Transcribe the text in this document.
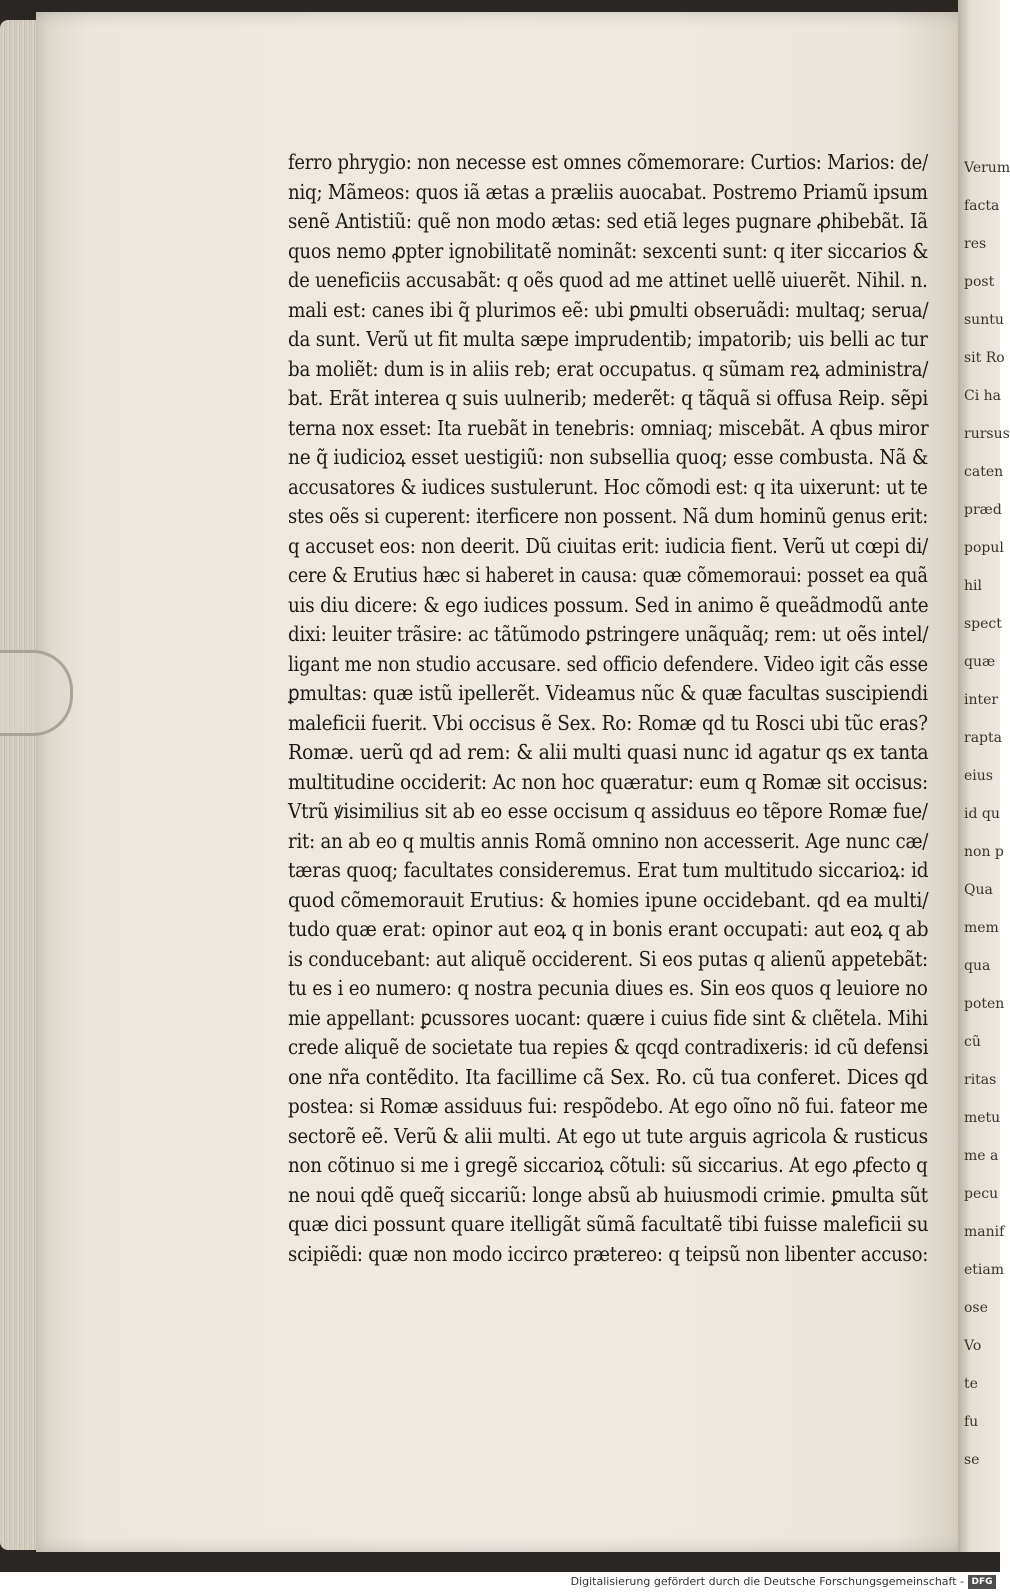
Verum
facta
res
post
suntu
sit Ro
Ci ha
rursus
caten
præd
popul
hil
spect
quæ
inter
rapta
eius
id qu
non p
Qua
mem
qua
poten
cũ
ritas
metu
me a
pecu
manif
etiam
ose
Vo
te
fu
se
ferro phrygio: non necesse est omnes cõmemorare: Curtios: Marios: de/
niq; Mãmeos: quos iã ætas a præliis auocabat. Postremo Priamũ ipsum
senẽ Antistiũ: quẽ non modo ætas: sed etiã leges pugnare ꝓhibebãt. Iã
quos nemo ꝓpter ignobilitatẽ nominãt: sexcenti sunt: q iter siccarios &
de ueneficiis accusabãt: q oẽs quod ad me attinet uellẽ uiuerẽt. Nihil. n.
mali est: canes ibi q̃ plurimos eẽ: ubi ꝑmulti obseruãdi: multaq; serua/
da sunt. Verũ ut fit multa sæpe imprudentib; impatorib; uis belli ac tur
ba moliẽt: dum is in aliis reb; erat occupatus. q sũmam reꝝ administra/
bat. Erãt interea q suis uulnerib; mederẽt: q tãquã si offusa Reip. sẽpi
terna nox esset: Ita ruebãt in tenebris: omniaq; miscebãt. A qbus miror
ne q̃ iudicioꝝ esset uestigiũ: non subsellia quoq; esse combusta. Nã &
accusatores & iudices sustulerunt. Hoc cõmodi est: q ita uixerunt: ut te
stes oẽs si cuperent: iterficere non possent. Nã dum hominũ genus erit:
q accuset eos: non deerit. Dũ ciuitas erit: iudicia fient. Verũ ut cœpi di/
cere & Erutius hæc si haberet in causa: quæ cõmemoraui: posset ea quã
uis diu dicere: & ego iudices possum. Sed in animo ẽ queãdmodũ ante
dixi: leuiter trãsire: ac tãtũmodo ꝑstringere unãquãq; rem: ut oẽs intel/
ligant me non studio accusare. sed officio defendere. Video igit cãs esse
ꝑmultas: quæ istũ ipellerẽt. Videamus nũc & quæ facultas suscipiendi
maleficii fuerit. Vbi occisus ẽ Sex. Ro: Romæ qd tu Rosci ubi tũc eras?
Romæ. uerũ qd ad rem: & alii multi quasi nunc id agatur qs ex tanta
multitudine occiderit: Ac non hoc quæratur: eum q Romæ sit occisus:
Vtrũ ꝟisimilius sit ab eo esse occisum q assiduus eo tẽpore Romæ fue/
rit: an ab eo q multis annis Romã omnino non accesserit. Age nunc cæ/
tæras quoq; facultates consideremus. Erat tum multitudo siccarioꝝ: id
quod cõmemorauit Erutius: & homies ipune occidebant. qd ea multi/
tudo quæ erat: opinor aut eoꝝ q in bonis erant occupati: aut eoꝝ q ab
is conducebant: aut aliquẽ occiderent. Si eos putas q alienũ appetebãt:
tu es i eo numero: q nostra pecunia diues es. Sin eos quos q leuiore no
mie appellant: ꝑcussores uocant: quære i cuius fide sint & clıẽtela. Mihi
crede aliquẽ de societate tua repies & qcqd contradixeris: id cũ defensi
one nr̃a contẽdito. Ita facillime cã Sex. Ro. cũ tua conferet. Dices qd
postea: si Romæ assiduus fui: respõdebo. At ego oĩno nõ fui. fateor me
sectorẽ eẽ. Verũ & alii multi. At ego ut tute arguis agricola & rusticus
non cõtinuo si me i gregẽ siccarioꝝ cõtuli: sũ siccarius. At ego ꝓfecto q
ne noui qdẽ queq̃ siccariũ: longe absũ ab huiusmodi crimie. ꝑmulta sũt
quæ dici possunt quare itelligãt sũmã facultatẽ tibi fuisse maleficii su
scipiẽdi: quæ non modo iccirco prætereo: q teipsũ non libenter accuso:
Digitalisierung gefördert durch die Deutsche Forschungsgemeinschaft - DFG
